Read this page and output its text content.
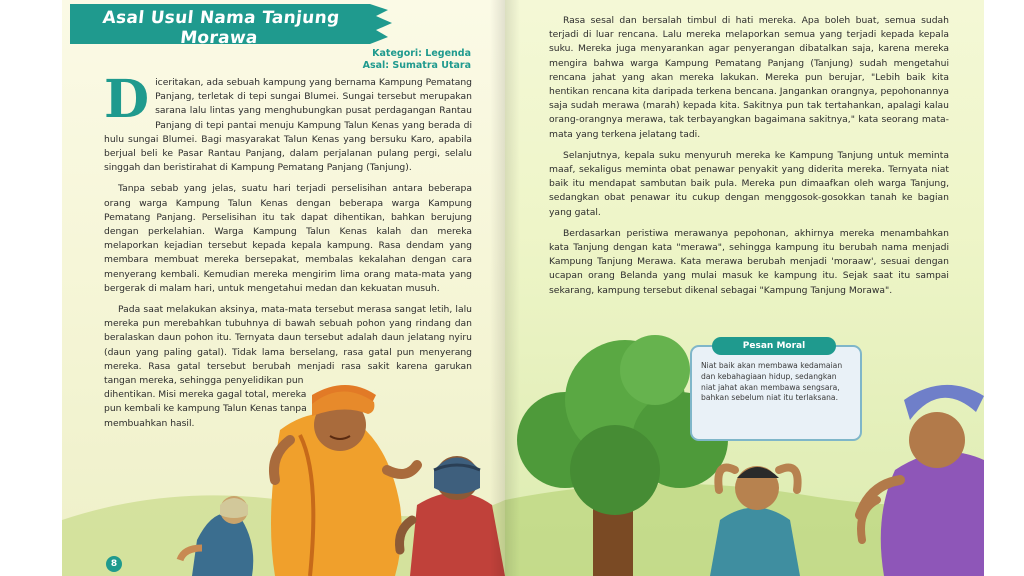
Asal Usul Nama Tanjung Morawa
Kategori: Legenda
Asal: Sumatra Utara

Diceritakan, ada sebuah kampung yang bernama Kampung Pematang Panjang, terletak di tepi sungai Blumei. Sungai tersebut merupakan sarana lalu lintas yang menghubungkan pusat perdagangan Rantau Panjang di tepi pantai menuju Kampung Talun Kenas yang berada di hulu sungai Blumei. Bagi masyarakat Talun Kenas yang bersuku Karo, apabila berjual beli ke Pasar Rantau Panjang, dalam perjalanan pulang pergi, selalu singgah dan beristirahat di Kampung Pematang Panjang (Tanjung).

Tanpa sebab yang jelas, suatu hari terjadi perselisihan antara beberapa orang warga Kampung Talun Kenas dengan beberapa warga Kampung Pematang Panjang. Perselisihan itu tak dapat dihentikan, bahkan berujung dengan perkelahian. Warga Kampung Talun Kenas kalah dan mereka melaporkan kejadian tersebut kepada kepala kampung. Rasa dendam yang membara membuat mereka bersepakat, membalas kekalahan dengan cara menyerang kembali. Kemudian mereka mengirim lima orang mata-mata yang bergerak di malam hari, untuk mengetahui medan dan kekuatan musuh.

Pada saat melakukan aksinya, mata-mata tersebut merasa sangat letih, lalu mereka pun merebahkan tubuhnya di bawah sebuah pohon yang rindang dan beralaskan daun pohon itu. Ternyata daun tersebut adalah daun jelatang nyiru (daun yang paling gatal). Tidak lama berselang, rasa gatal pun menyerang mereka. Rasa gatal tersebut berubah menjadi rasa sakit karena garukan tangan mereka, sehingga penyelidikan pun

dihentikan. Misi mereka gagal total, mereka pun kembali ke kampung Talun Kenas tanpa membuahkan hasil.

8

Rasa sesal dan bersalah timbul di hati mereka. Apa boleh buat, semua sudah terjadi di luar rencana. Lalu mereka melaporkan semua yang terjadi kepada kepala suku. Mereka juga menyarankan agar penyerangan dibatalkan saja, karena mereka mengira bahwa warga Kampung Pematang Panjang (Tanjung) sudah mengetahui rencana jahat yang akan mereka lakukan. Mereka pun berujar, "Lebih baik kita hentikan rencana kita daripada terkena bencana. Jangankan orangnya, pepohonannya saja sudah merawa (marah) kepada kita. Sakitnya pun tak tertahankan, apalagi kalau orang-orangnya merawa, tak terbayangkan bagaimana sakitnya," kata seorang mata-mata yang terkena jelatang tadi.

Selanjutnya, kepala suku menyuruh mereka ke Kampung Tanjung untuk meminta maaf, sekaligus meminta obat penawar penyakit yang diderita mereka. Ternyata niat baik itu mendapat sambutan baik pula. Mereka pun dimaafkan oleh warga Tanjung, sedangkan obat penawar itu cukup dengan menggosok-gosokkan tanah ke bagian yang gatal.

Berdasarkan peristiwa merawanya pepohonan, akhirnya mereka menambahkan kata Tanjung dengan kata "merawa", sehingga kampung itu berubah nama menjadi Kampung Tanjung Merawa. Kata merawa berubah menjadi 'moraaw', sesuai dengan ucapan orang Belanda yang mulai masuk ke kampung itu. Sejak saat itu sampai sekarang, kampung tersebut dikenal sebagai "Kampung Tanjung Morawa".

Pesan Moral
Niat baik akan membawa kedamaian dan kebahagiaan hidup, sedangkan niat jahat akan membawa sengsara, bahkan sebelum niat itu terlaksana.
